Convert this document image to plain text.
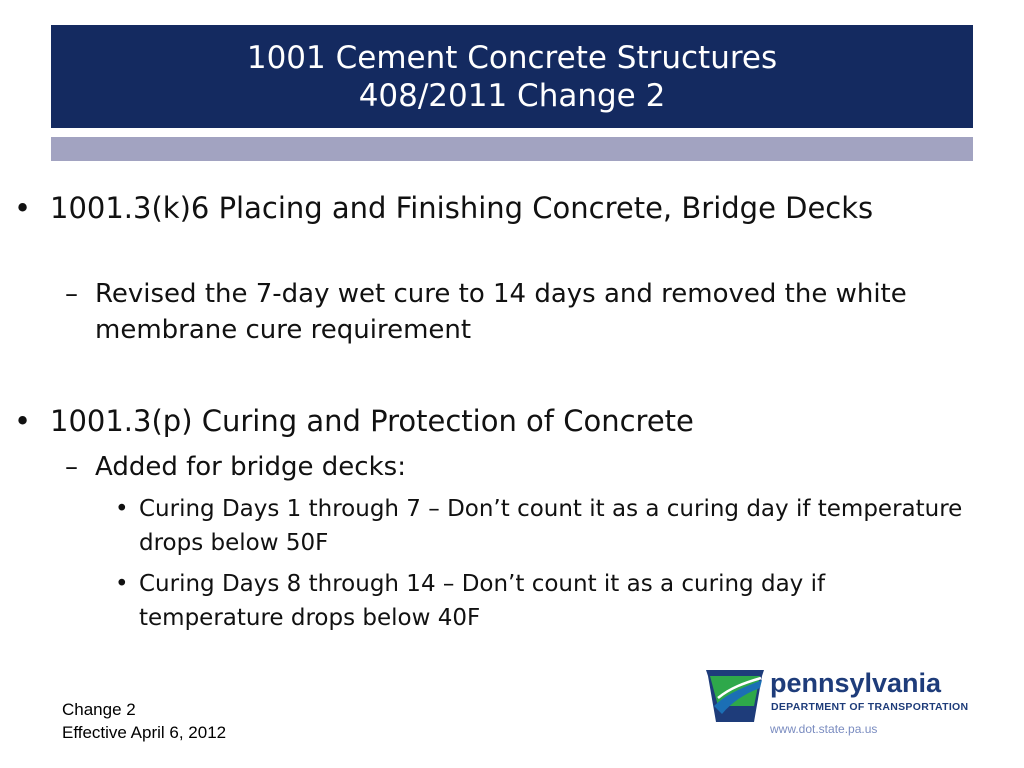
1001 Cement Concrete Structures
408/2011 Change 2
• 1001.3(k)6 Placing and Finishing Concrete, Bridge Decks
– Revised the 7-day wet cure to 14 days and removed the white membrane cure requirement
• 1001.3(p) Curing and Protection of Concrete
– Added for bridge decks:
• Curing Days 1 through 7 – Don’t count it as a curing day if temperature drops below 50F
• Curing Days 8 through 14 – Don’t count it as a curing day if temperature drops below 40F
Change 2
Effective April 6, 2012
pennsylvania
DEPARTMENT OF TRANSPORTATION
www.dot.state.pa.us
